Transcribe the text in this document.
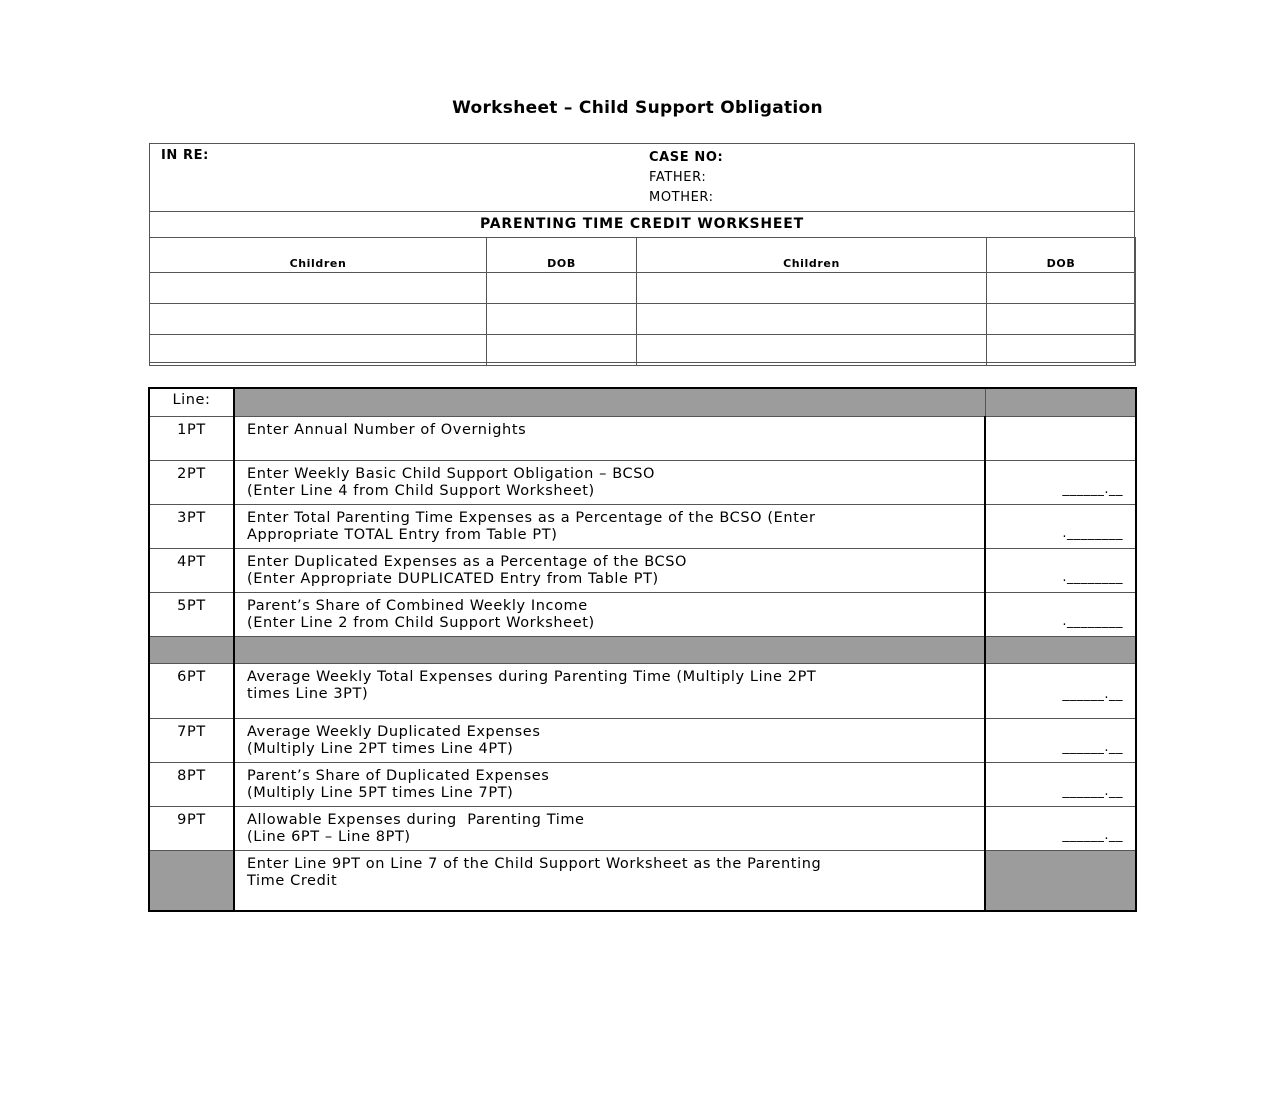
Worksheet – Child Support Obligation
IN RE:	CASE NO:
FATHER:
MOTHER:
PARENTING TIME CREDIT WORKSHEET
Children	DOB	Children	DOB

Line:		
1PT	Enter Annual Number of Overnights	

2PT	Enter Weekly Basic Child Support Obligation – BCSO
(Enter Line 4 from Child Support Worksheet)	______.__
3PT	Enter Total Parenting Time Expenses as a Percentage of the BCSO (Enter
Appropriate TOTAL Entry from Table PT)	.________
4PT	Enter Duplicated Expenses as a Percentage of the BCSO
(Enter Appropriate DUPLICATED Entry from Table PT)	.________
5PT	Parent’s Share of Combined Weekly Income
(Enter Line 2 from Child Support Worksheet)	.________

6PT	Average Weekly Total Expenses during Parenting Time (Multiply Line 2PT
times Line 3PT)	______.__
7PT	Average Weekly Duplicated Expenses
(Multiply Line 2PT times Line 4PT)	______.__
8PT	Parent’s Share of Duplicated Expenses
(Multiply Line 5PT times Line 7PT)	______.__
9PT	Allowable Expenses during  Parenting Time
(Line 6PT – Line 8PT)	______.__

	Enter Line 9PT on Line 7 of the Child Support Worksheet as the Parenting
Time Credit	
